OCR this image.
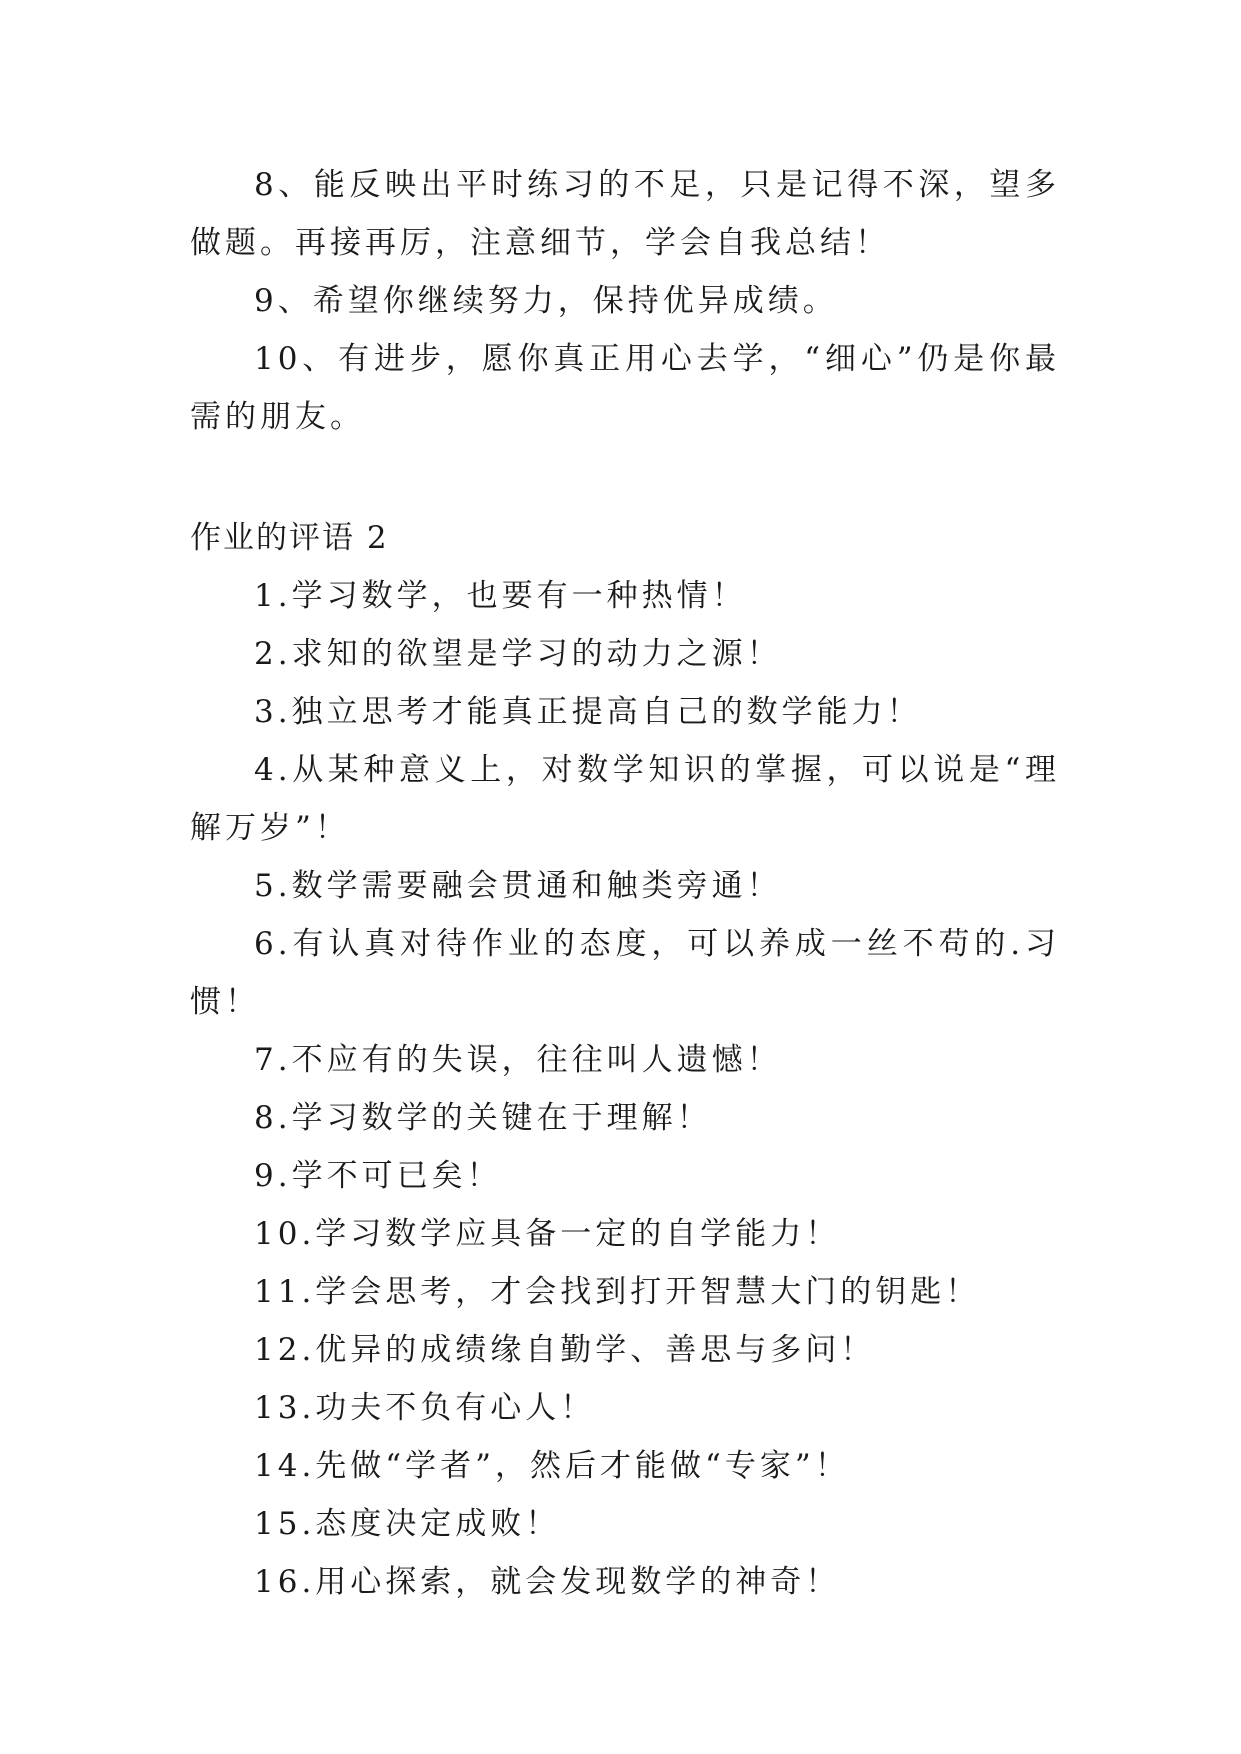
8、能反映出平时练习的不足，只是记得不深，望多做题。再接再厉，注意细节，学会自我总结！

9、希望你继续努力，保持优异成绩。

10、有进步，愿你真正用心去学，“细心”仍是你最需的朋友。

作业的评语 2

1.学习数学，也要有一种热情！

2.求知的欲望是学习的动力之源！

3.独立思考才能真正提高自己的数学能力！

4.从某种意义上，对数学知识的掌握，可以说是“理解万岁”！

5.数学需要融会贯通和触类旁通！

6.有认真对待作业的态度，可以养成一丝不苟的.习惯！

7.不应有的失误，往往叫人遗憾！

8.学习数学的关键在于理解！

9.学不可已矣！

10.学习数学应具备一定的自学能力！

11.学会思考，才会找到打开智慧大门的钥匙！

12.优异的成绩缘自勤学、善思与多问！

13.功夫不负有心人！

14.先做“学者”，然后才能做“专家”！

15.态度决定成败！

16.用心探索，就会发现数学的神奇！
